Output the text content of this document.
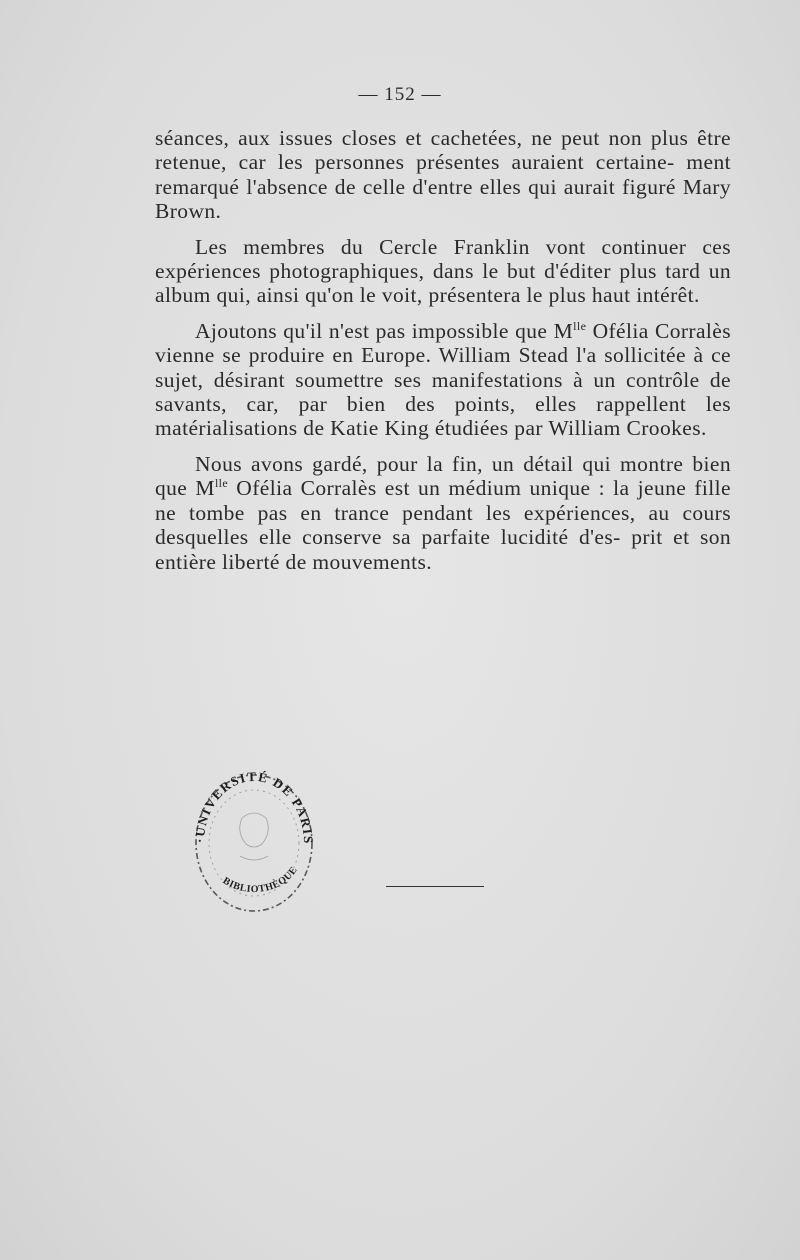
— 152 —

séances, aux issues closes et cachetées, ne peut non plus être retenue, car les personnes présentes auraient certaine- ment remarqué l'absence de celle d'entre elles qui aurait figuré Mary Brown.

Les membres du Cercle Franklin vont continuer ces expériences photographiques, dans le but d'éditer plus tard un album qui, ainsi qu'on le voit, présentera le plus haut intérêt.

Ajoutons qu'il n'est pas impossible que $M^{lle}$ Ofélia Corralès vienne se produire en Europe. William Stead l'a sollicitée à ce sujet, désirant soumettre ses manifestations à un contrôle de savants, car, par bien des points, elles rappellent les matérialisations de Katie King étudiées par William Crookes.

Nous avons gardé, pour la fin, un détail qui montre bien que $M^{lle}$ Ofélia Corralès est un médium unique : la jeune fille ne tombe pas en trance pendant les expériences, au cours desquelles elle conserve sa parfaite lucidité d'es- prit et son entière liberté de mouvements.

·UNIVERSITÉ DE PARIS
BIBLIOTHÈQUE
